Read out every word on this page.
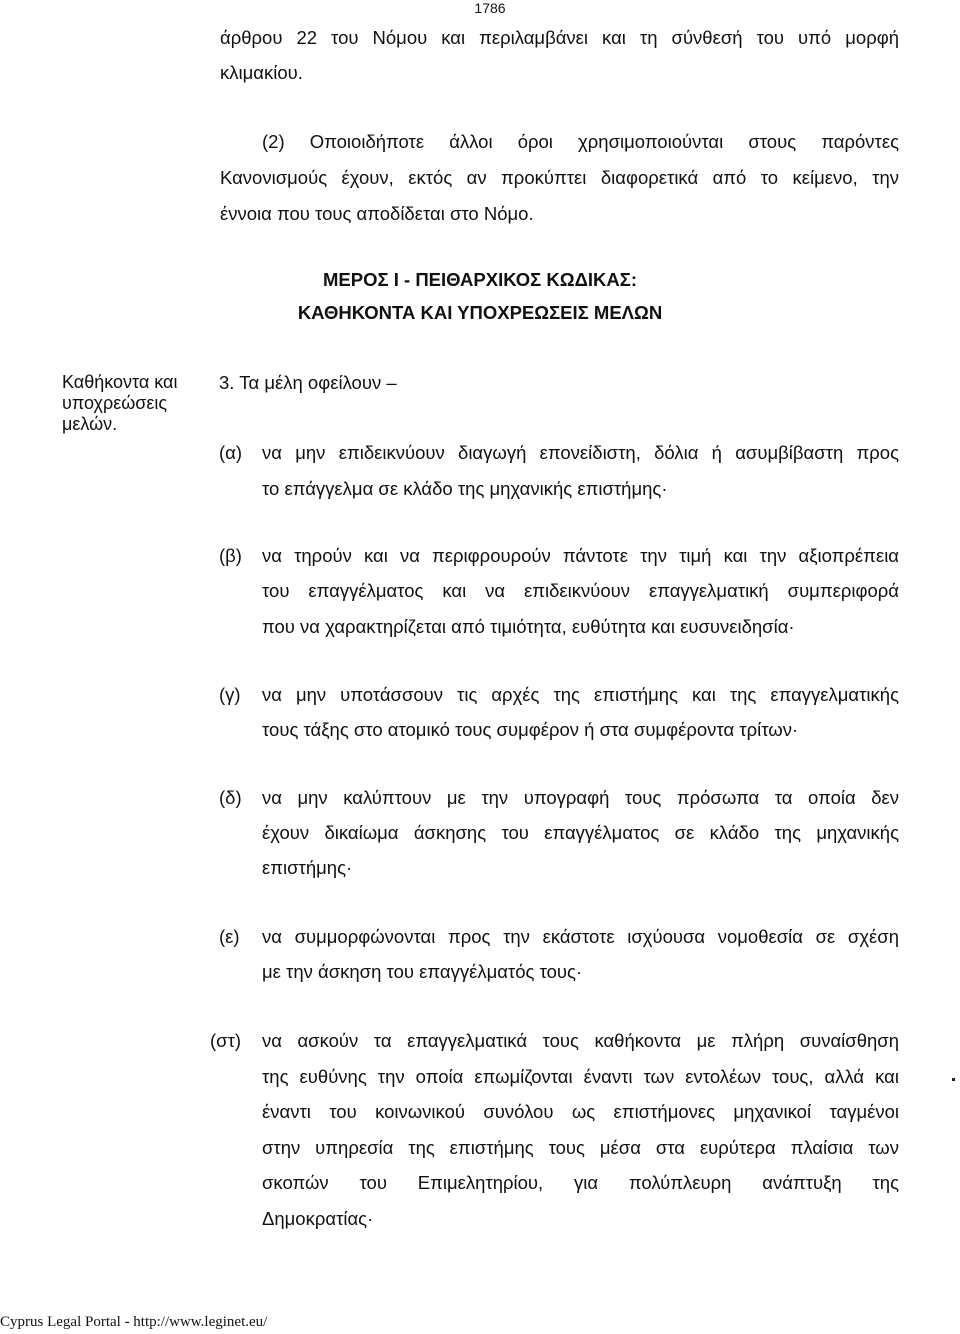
1786
άρθρου 22 του Νόμου και περιλαμβάνει και τη σύνθεσή του υπό μορφή
κλιμακίου.
(2) Οποιοιδήποτε άλλοι όροι χρησιμοποιούνται στους παρόντες
Κανονισμούς έχουν, εκτός αν προκύπτει διαφορετικά από το κείμενο, την
έννοια που τους αποδίδεται στο Νόμο.
ΜΕΡΟΣ Ι - ΠΕΙΘΑΡΧΙΚΟΣ ΚΩΔΙΚΑΣ:
ΚΑΘΗΚΟΝΤΑ ΚΑΙ ΥΠΟΧΡΕΩΣΕΙΣ ΜΕΛΩΝ
Καθήκοντα και
υποχρεώσεις
μελών.
3. Τα μέλη οφείλουν –
(α) να μην επιδεικνύουν διαγωγή επονείδιστη, δόλια ή ασυμβίβαστη προς
το επάγγελμα σε κλάδο της μηχανικής επιστήμης·
(β) να τηρούν και να περιφρουρούν πάντοτε την τιμή και την αξιοπρέπεια
του επαγγέλματος και να επιδεικνύουν επαγγελματική συμπεριφορά
που να χαρακτηρίζεται από τιμιότητα, ευθύτητα και ευσυνειδησία·
(γ) να μην υποτάσσουν τις αρχές της επιστήμης και της επαγγελματικής
τους τάξης στο ατομικό τους συμφέρον ή στα συμφέροντα τρίτων·
(δ) να μην καλύπτουν με την υπογραφή τους πρόσωπα τα οποία δεν
έχουν δικαίωμα άσκησης του επαγγέλματος σε κλάδο της μηχανικής
επιστήμης·
(ε) να συμμορφώνονται προς την εκάστοτε ισχύουσα νομοθεσία σε σχέση
με την άσκηση του επαγγέλματός τους·
(στ) να ασκούν τα επαγγελματικά τους καθήκοντα με πλήρη συναίσθηση
της ευθύνης την οποία επωμίζονται έναντι των εντολέων τους, αλλά και
έναντι του κοινωνικού συνόλου ως επιστήμονες μηχανικοί ταγμένοι
στην υπηρεσία της επιστήμης τους μέσα στα ευρύτερα πλαίσια των
σκοπών του Επιμελητηρίου, για πολύπλευρη ανάπτυξη της
Δημοκρατίας·
Cyprus Legal Portal - http://www.leginet.eu/
